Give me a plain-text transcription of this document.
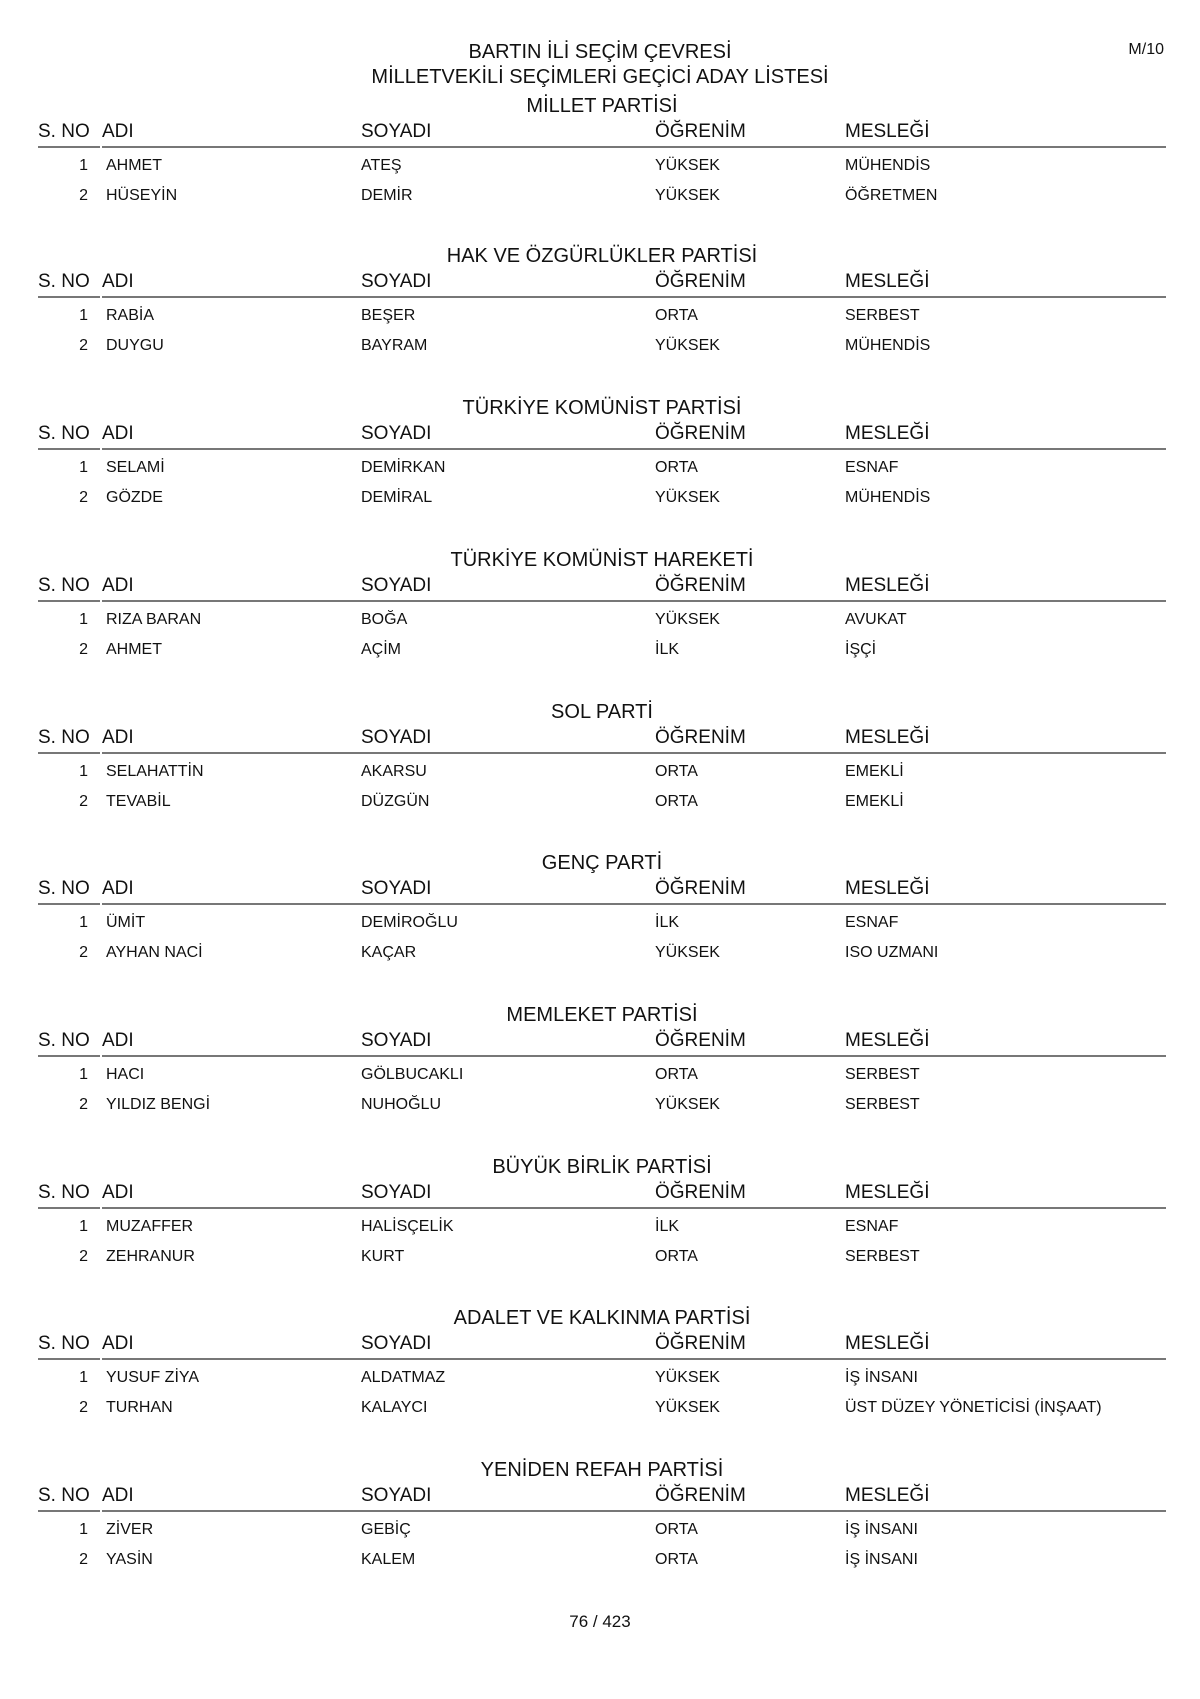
M/10
BARTIN İLİ SEÇİM ÇEVRESİ
MİLLETVEKİLİ SEÇİMLERİ GEÇİCİ ADAY LİSTESİ
MİLLET PARTİSİ
S. NO ADI	SOYADI	ÖĞRENİM	MESLEĞİ
1 AHMET	ATEŞ	YÜKSEK	MÜHENDİS
2 HÜSEYİN	DEMİR	YÜKSEK	ÖĞRETMEN
HAK VE ÖZGÜRLÜKLER PARTİSİ
S. NO ADI	SOYADI	ÖĞRENİM	MESLEĞİ
1 RABİA	BEŞER	ORTA	SERBEST
2 DUYGU	BAYRAM	YÜKSEK	MÜHENDİS
TÜRKİYE KOMÜNİST PARTİSİ
S. NO ADI	SOYADI	ÖĞRENİM	MESLEĞİ
1 SELAMİ	DEMİRKAN	ORTA	ESNAF
2 GÖZDE	DEMİRAL	YÜKSEK	MÜHENDİS
TÜRKİYE KOMÜNİST HAREKETİ
S. NO ADI	SOYADI	ÖĞRENİM	MESLEĞİ
1 RIZA BARAN	BOĞA	YÜKSEK	AVUKAT
2 AHMET	AÇİM	İLK	İŞÇİ
SOL PARTİ
S. NO ADI	SOYADI	ÖĞRENİM	MESLEĞİ
1 SELAHATTİN	AKARSU	ORTA	EMEKLİ
2 TEVABİL	DÜZGÜN	ORTA	EMEKLİ
GENÇ PARTİ
S. NO ADI	SOYADI	ÖĞRENİM	MESLEĞİ
1 ÜMİT	DEMİROĞLU	İLK	ESNAF
2 AYHAN NACİ	KAÇAR	YÜKSEK	ISO UZMANI
MEMLEKET PARTİSİ
S. NO ADI	SOYADI	ÖĞRENİM	MESLEĞİ
1 HACI	GÖLBUCAKLI	ORTA	SERBEST
2 YILDIZ BENGİ	NUHOĞLU	YÜKSEK	SERBEST
BÜYÜK BİRLİK PARTİSİ
S. NO ADI	SOYADI	ÖĞRENİM	MESLEĞİ
1 MUZAFFER	HALİSÇELİK	İLK	ESNAF
2 ZEHRANUR	KURT	ORTA	SERBEST
ADALET VE KALKINMA PARTİSİ
S. NO ADI	SOYADI	ÖĞRENİM	MESLEĞİ
1 YUSUF ZİYA	ALDATMAZ	YÜKSEK	İŞ İNSANI
2 TURHAN	KALAYCI	YÜKSEK	ÜST DÜZEY YÖNETİCİSİ (İNŞAAT)
YENİDEN REFAH PARTİSİ
S. NO ADI	SOYADI	ÖĞRENİM	MESLEĞİ
1 ZİVER	GEBİÇ	ORTA	İŞ İNSANI
2 YASİN	KALEM	ORTA	İŞ İNSANI
76 / 423
